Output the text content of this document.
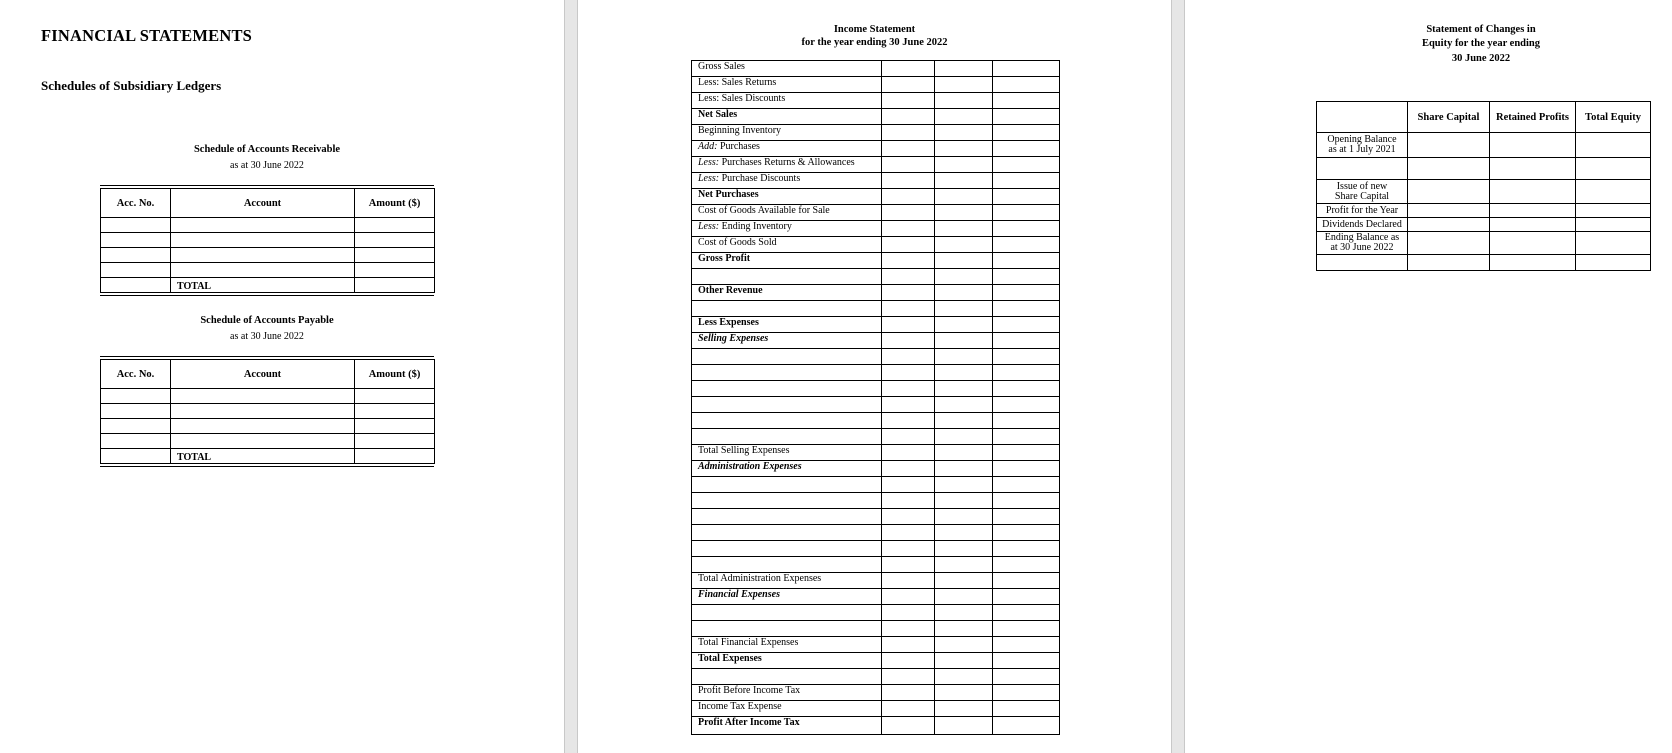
FINANCIAL STATEMENTS
Schedules of Subsidiary Ledgers
Schedule of Accounts Receivable
as at 30 June 2022
Acc. No.	Account	Amount ($)

	TOTAL	
Schedule of Accounts Payable
as at 30 June 2022
Acc. No.	Account	Amount ($)

	TOTAL	
Income Statement
for the year ending 30 June 2022
Gross Sales			
Less: Sales Returns			
Less: Sales Discounts			
Net Sales			
Beginning Inventory			
Add: Purchases			
Less: Purchases Returns & Allowances			
Less: Purchase Discounts			
Net Purchases			
Cost of Goods Available for Sale			
Less: Ending Inventory			
Cost of Goods Sold			
Gross Profit			

Other Revenue			

Less Expenses			
Selling Expenses			

Total Selling Expenses			
Administration Expenses			

Total Administration Expenses			
Financial Expenses			

Total Financial Expenses			
Total Expenses			

Profit Before Income Tax			
Income Tax Expense			
Profit After Income Tax			
Statement of Changes in
Equity for the year ending
30 June 2022
	Share Capital	Retained Profits	Total Equity

Opening Balance
as at 1 July 2021			

Issue of new
Share Capital			

Profit for the Year			

Dividends Declared			

Ending Balance as
at 30 June 2022			
